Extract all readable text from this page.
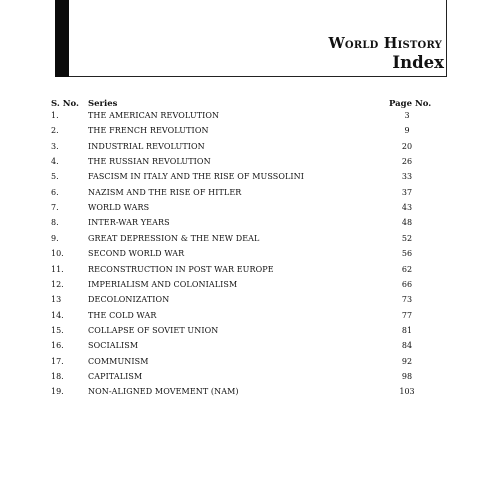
World History
Index
S. No. Series	Page No.
1.	THE AMERICAN REVOLUTION	3
2.	THE FRENCH REVOLUTION	9
3.	INDUSTRIAL REVOLUTION	20
4.	THE RUSSIAN REVOLUTION	26
5.	FASCISM IN ITALY AND THE RISE OF MUSSOLINI	33
6.	NAZISM AND THE RISE OF HITLER	37
7.	WORLD WARS	43
8.	INTER-WAR YEARS	48
9.	GREAT DEPRESSION & THE NEW DEAL	52
10.	SECOND WORLD WAR	56
11.	RECONSTRUCTION IN POST WAR EUROPE	62
12.	IMPERIALISM AND COLONIALISM	66
13	DECOLONIZATION	73
14.	THE COLD WAR	77
15.	COLLAPSE OF SOVIET UNION	81
16.	SOCIALISM	84
17.	COMMUNISM	92
18.	CAPITALISM	98
19.	NON-ALIGNED MOVEMENT (NAM)	103
